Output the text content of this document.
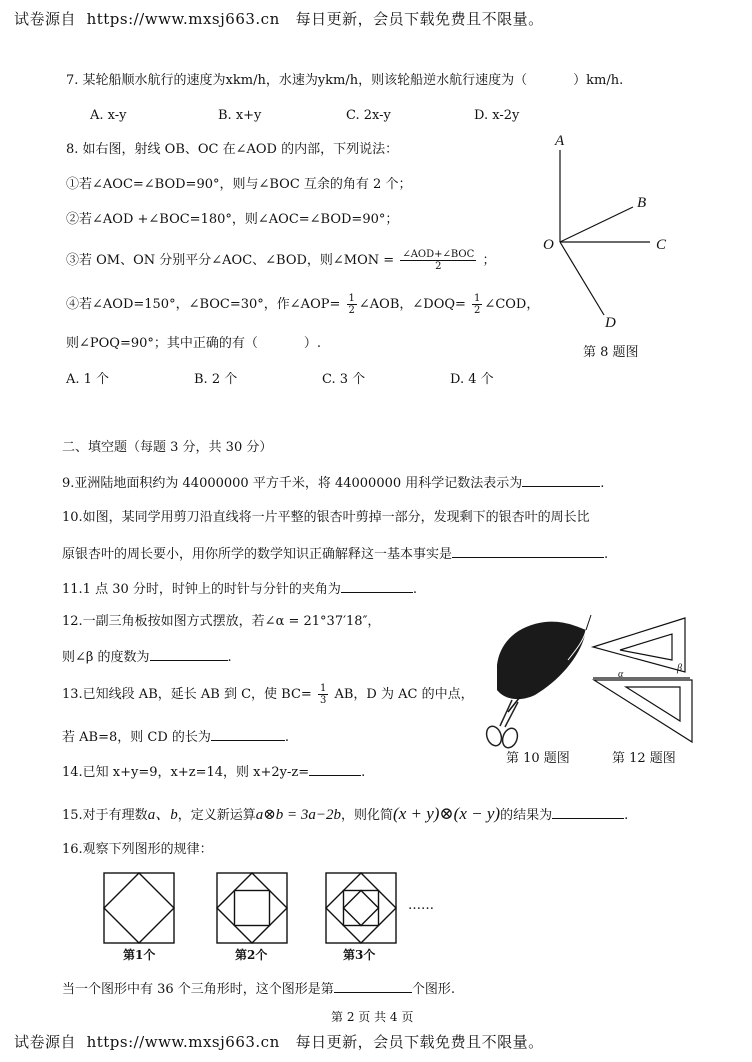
试卷源自 https://www.mxsj663.cn 每日更新，会员下载免费且不限量。
7. 某轮船顺水航行的速度为xkm/h，水速为ykm/h，则该轮船逆水航行速度为（	）km/h.
A. x-y	B. x+y	C. 2x-y	D. x-2y
8. 如右图，射线 OB、OC 在∠AOD 的内部，下列说法：
①若∠AOC=∠BOD=90°，则与∠BOC 互余的角有 2 个；
②若∠AOD +∠BOC=180°，则∠AOC=∠BOD=90°；
③若 OM、ON 分别平分∠AOC、∠BOD，则∠MON = $\frac{\text{∠AOD+∠BOC}}{2}$ ；
④若∠AOD=150°，∠BOC=30°，作∠AOP= $\frac{1}{2}$ ∠AOB，∠DOQ= $\frac{1}{2}$ ∠COD，
则∠POQ=90°；其中正确的有（	）.
A. 1 个	B. 2 个	C. 3 个	D. 4 个
A
B
O	C
D
第 8 题图
二、填空题（每题 3 分，共 30 分）
9.亚洲陆地面积约为 44000000 平方千米，将 44000000 用科学记数法表示为	.
10.如图，某同学用剪刀沿直线将一片平整的银杏叶剪掉一部分，发现剩下的银杏叶的周长比
原银杏叶的周长要小，用你所学的数学知识正确解释这一基本事实是	.
11.1 点 30 分时，时钟上的时针与分针的夹角为	.
12.一副三角板按如图方式摆放，若∠α = 21°37′18″，
则∠β 的度数为	.
13.已知线段 AB，延长 AB 到 C，使 $BC= \frac{1}{3}$ AB，D 为 AC 的中点，
若 AB=8，则 CD 的长为	.
14.已知 x+y=9，x+z=14，则 x+2y-z=	.
α
β
第 10 题图	第 12 题图
15.对于有理数a、b，定义新运算a⊗b = 3a−2b，则化简(x + y)⊗(x − y)的结果为	.
16.观察下列图形的规律：
……
第1个	第2个	第3个
当一个图形中有 36 个三角形时，这个图形是第	个图形.
第 2 页 共 4 页
试卷源自 https://www.mxsj663.cn 每日更新，会员下载免费且不限量。
